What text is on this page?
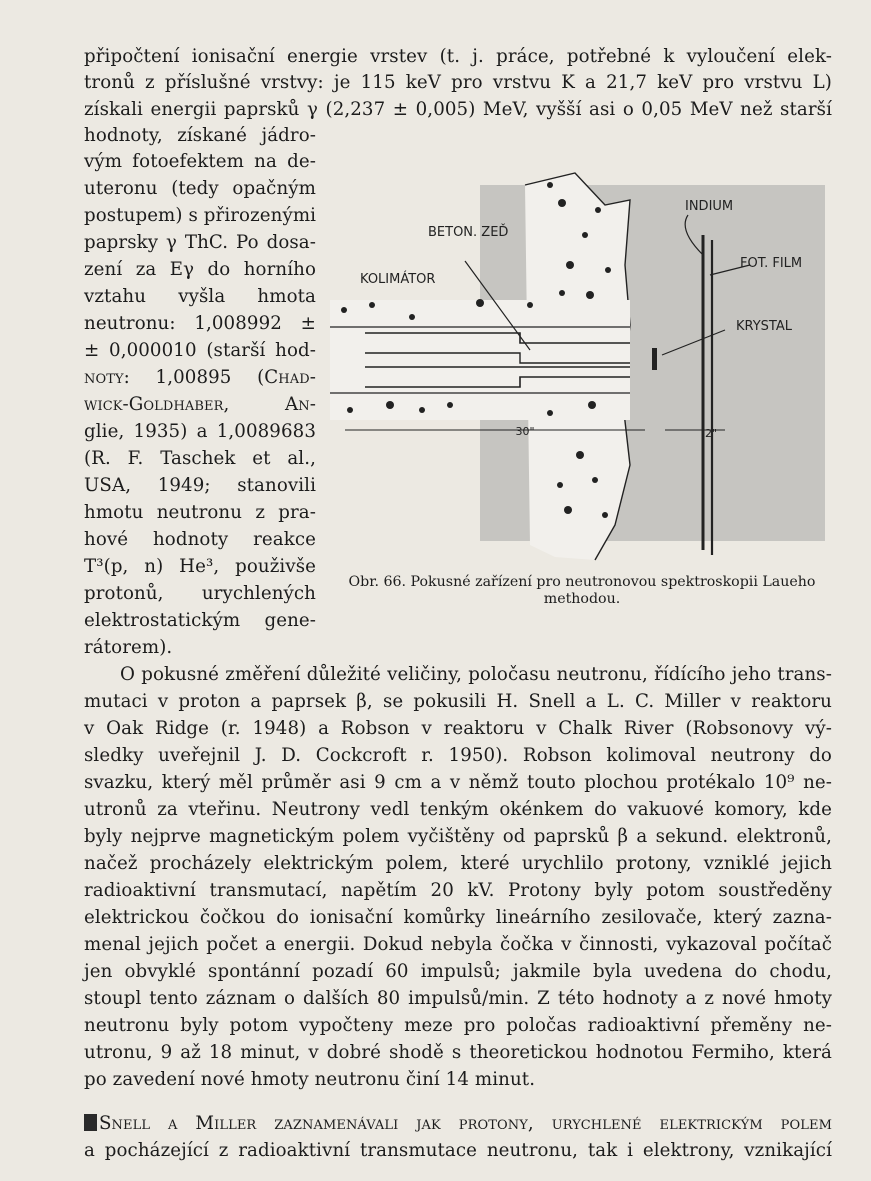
připočtení ionisační energie vrstev (t. j. práce, potřebné k vyloučení elek-
tronů z příslušné vrstvy: je 115 keV pro vrstvu K a 21,7 keV pro vrstvu L)
získali energii paprsků γ (2,237 ± 0,005) MeV, vyšší asi o 0,05 MeV než starší
hodnoty, získané jádro-
vým fotoefektem na de-
uteronu (tedy opačným
postupem) s přirozenými
paprsky γ ThC. Po dosa-
zení za Eγ do horního
vztahu vyšla hmota
neutronu: 1,008992 ±
± 0,000010 (starší hod-
noty: 1,00895 (Chad-
wick-Goldhaber, An-
glie, 1935) a 1,0089683
(R. F. Taschek et al.,
USA, 1949; stanovili
hmotu neutronu z pra-
hové hodnoty reakce
T³(p, n) He³, použivše
protonů, urychlených
elektrostatickým gene-
rátorem).
INDIUM
FOT. FILM
BETON. ZEĎ
KOLIMÁTOR
KRYSTAL
30"	2"
Obr. 66. Pokusné zařízení pro neutronovou spektroskopii Laueho
methodou.
O pokusné změření důležité veličiny, poločasu neutronu, řídícího jeho trans-
mutaci v proton a paprsek β, se pokusili H. Snell a L. C. Miller v reaktoru
v Oak Ridge (r. 1948) a Robson v reaktoru v Chalk River (Robsonovy vý-
sledky uveřejnil J. D. Cockcroft r. 1950). Robson kolimoval neutrony do
svazku, který měl průměr asi 9 cm a v němž touto plochou protékalo 10⁹ ne-
utronů za vteřinu. Neutrony vedl tenkým okénkem do vakuové komory, kde
byly nejprve magnetickým polem vyčištěny od paprsků β a sekund. elektronů,
načež procházely elektrickým polem, které urychlilo protony, vzniklé jejich
radioaktivní transmutací, napětím 20 kV. Protony byly potom soustředěny
elektrickou čočkou do ionisační komůrky lineárního zesilovače, který zazna-
menal jejich počet a energii. Dokud nebyla čočka v činnosti, vykazoval počítač
jen obvyklé spontánní pozadí 60 impulsů; jakmile byla uvedena do chodu,
stoupl tento záznam o dalších 80 impulsů/min. Z této hodnoty a z nové hmoty
neutronu byly potom vypočteny meze pro poločas radioaktivní přeměny ne-
utronu, 9 až 18 minut, v dobré shodě s theoretickou hodnotou Fermiho, která
po zavedení nové hmoty neutronu činí 14 minut.
Snell a Miller zaznamenávali jak protony, urychlené elektrickým polem
a pocházející z radioaktivní transmutace neutronu, tak i elektrony, vznikající
